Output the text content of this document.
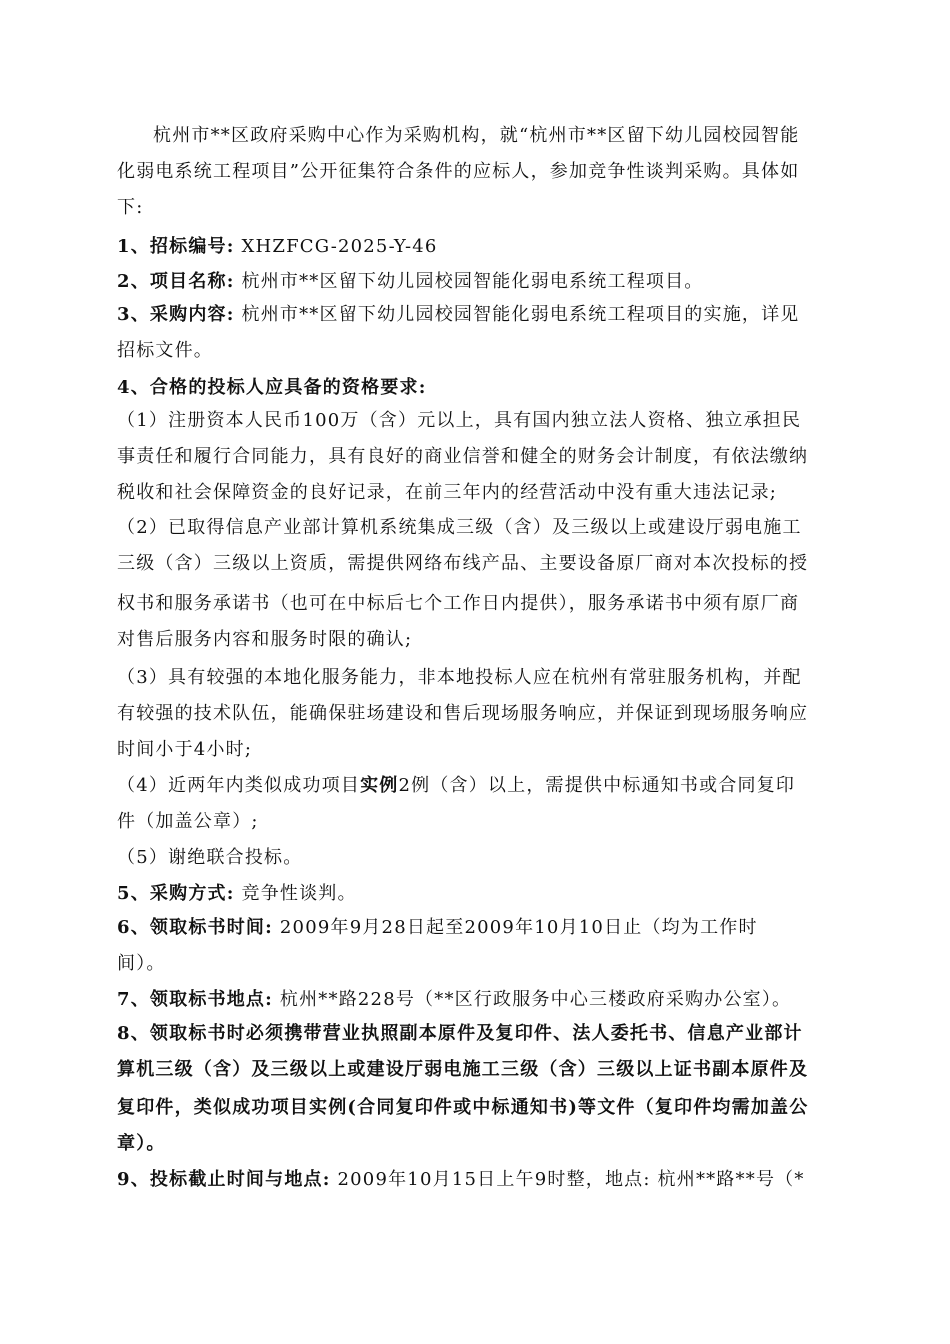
杭州市**区政府采购中心作为采购机构，就“杭州市**区留下幼儿园校园智能
化弱电系统工程项目”公开征集符合条件的应标人，参加竞争性谈判采购。具体如
下:
1、招标编号: XHZFCG-2025-Y-46
2、项目名称: 杭州市**区留下幼儿园校园智能化弱电系统工程项目。
3、采购内容: 杭州市**区留下幼儿园校园智能化弱电系统工程项目的实施，详见
招标文件。
4、合格的投标人应具备的资格要求:
（1）注册资本人民币100万（含）元以上，具有国内独立法人资格、独立承担民
事责任和履行合同能力，具有良好的商业信誉和健全的财务会计制度，有依法缴纳
税收和社会保障资金的良好记录，在前三年内的经营活动中没有重大违法记录;
（2）已取得信息产业部计算机系统集成三级（含）及三级以上或建设厅弱电施工
三级（含）三级以上资质，需提供网络布线产品、主要设备原厂商对本次投标的授
权书和服务承诺书（也可在中标后七个工作日内提供），服务承诺书中须有原厂商
对售后服务内容和服务时限的确认;
（3）具有较强的本地化服务能力，非本地投标人应在杭州有常驻服务机构，并配
有较强的技术队伍，能确保驻场建设和售后现场服务响应，并保证到现场服务响应
时间小于4小时;
（4）近两年内类似成功项目实例2例（含）以上，需提供中标通知书或合同复印
件（加盖公章）;
（5）谢绝联合投标。
5、采购方式: 竞争性谈判。
6、领取标书时间: 2009年9月28日起至2009年10月10日止（均为工作时
间）。
7、领取标书地点: 杭州**路228号（**区行政服务中心三楼政府采购办公室）。
8、领取标书时必须携带营业执照副本原件及复印件、法人委托书、信息产业部计
算机三级（含）及三级以上或建设厅弱电施工三级（含）三级以上证书副本原件及
复印件，类似成功项目实例(合同复印件或中标通知书)等文件（复印件均需加盖公
章）。
9、投标截止时间与地点: 2009年10月15日上午9时整，地点: 杭州**路**号（*
